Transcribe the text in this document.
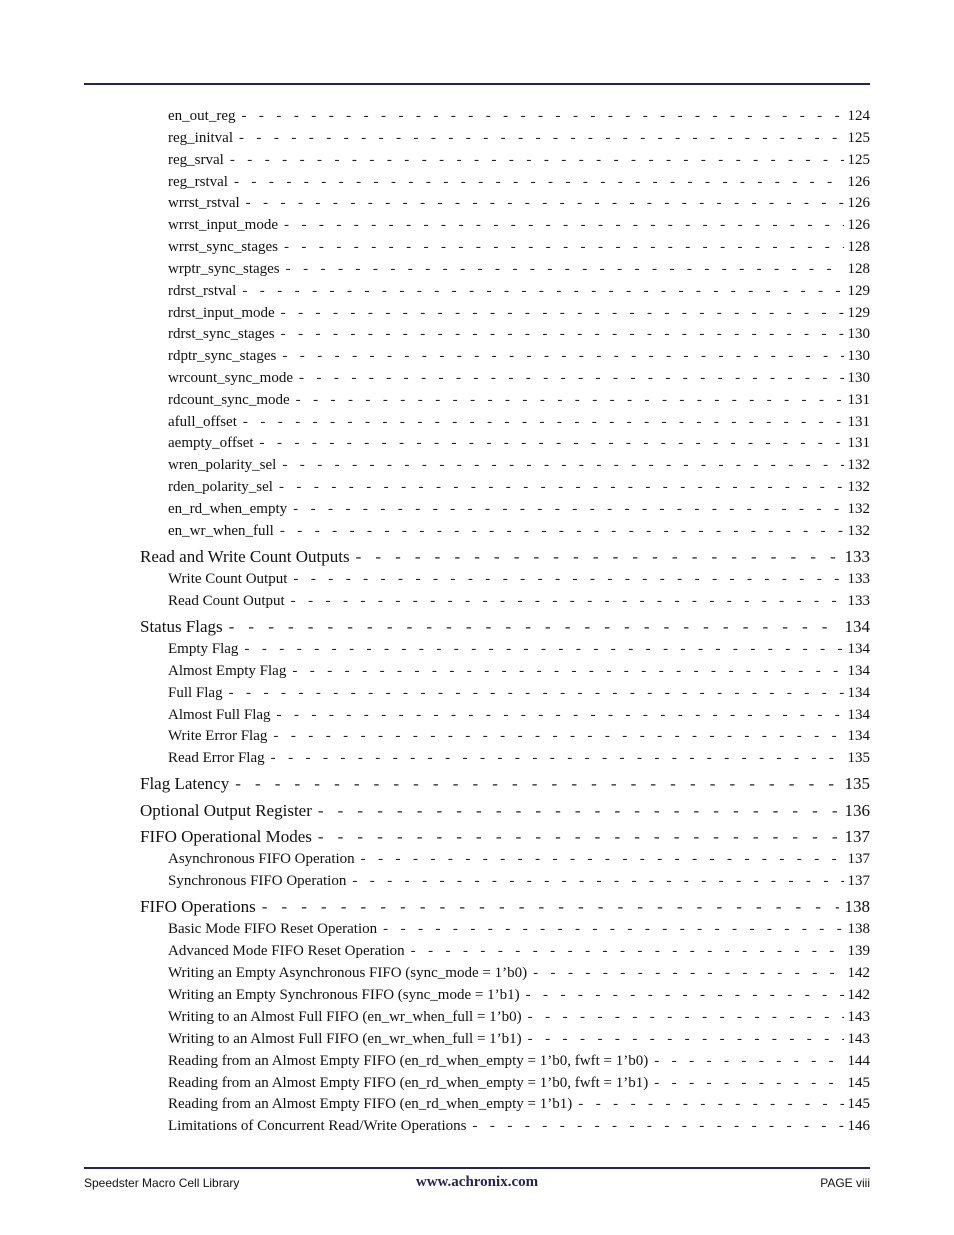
en_out_reg - - -	124
reg_initval - - -	125
reg_srval - - -	125
reg_rstval - - -	126
wrrst_rstval - - -	126
wrrst_input_mode - - -	126
wrrst_sync_stages - - -	128
wrptr_sync_stages - - -	128
rdrst_rstval - - -	129
rdrst_input_mode - - -	129
rdrst_sync_stages - - -	130
rdptr_sync_stages - - -	130
wrcount_sync_mode - - -	130
rdcount_sync_mode - - -	131
afull_offset - - -	131
aempty_offset - - -	131
wren_polarity_sel - - -	132
rden_polarity_sel - - -	132
en_rd_when_empty - - -	132
en_wr_when_full - - -	132
Read and Write Count Outputs - - -	133
Write Count Output - - -	133
Read Count Output - - -	133
Status Flags - - -	134
Empty Flag - - -	134
Almost Empty Flag - - -	134
Full Flag - - -	134
Almost Full Flag - - -	134
Write Error Flag - - -	134
Read Error Flag - - -	135
Flag Latency - - -	135
Optional Output Register - - -	136
FIFO Operational Modes - - -	137
Asynchronous FIFO Operation - - -	137
Synchronous FIFO Operation - - -	137
FIFO Operations - - -	138
Basic Mode FIFO Reset Operation - - -	138
Advanced Mode FIFO Reset Operation - - -	139
Writing an Empty Asynchronous FIFO (sync_mode = 1’b0) - - -	142
Writing an Empty Synchronous FIFO (sync_mode = 1’b1) - - -	142
Writing to an Almost Full FIFO (en_wr_when_full = 1’b0) - - -	143
Writing to an Almost Full FIFO (en_wr_when_full = 1’b1) - - -	143
Reading from an Almost Empty FIFO (en_rd_when_empty = 1’b0, fwft = 1’b0) - - -	144
Reading from an Almost Empty FIFO (en_rd_when_empty = 1’b0, fwft = 1’b1) - - -	145
Reading from an Almost Empty FIFO (en_rd_when_empty = 1’b1) - - -	145
Limitations of Concurrent Read/Write Operations - - -	146
Speedster Macro Cell Library	www.achronix.com	PAGE viii
